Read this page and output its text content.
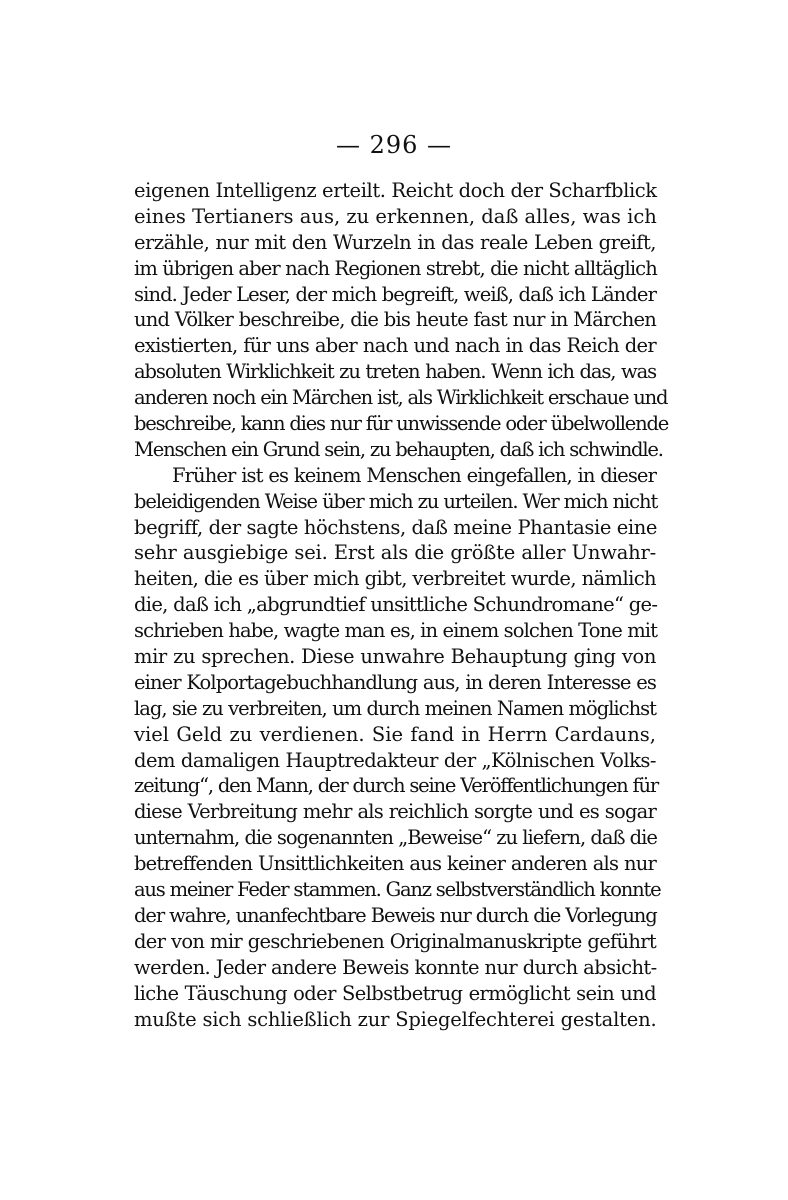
— 296 —
eigenen Intelligenz erteilt. Reicht doch der Scharfblick
eines Tertianers aus, zu erkennen, daß alles, was ich
erzähle, nur mit den Wurzeln in das reale Leben greift,
im übrigen aber nach Regionen strebt, die nicht alltäglich
sind. Jeder Leser, der mich begreift, weiß, daß ich Länder
und Völker beschreibe, die bis heute fast nur in Märchen
existierten, für uns aber nach und nach in das Reich der
absoluten Wirklichkeit zu treten haben. Wenn ich das, was
anderen noch ein Märchen ist, als Wirklichkeit erschaue und
beschreibe, kann dies nur für unwissende oder übelwollende
Menschen ein Grund sein, zu behaupten, daß ich schwindle.
Früher ist es keinem Menschen eingefallen, in dieser
beleidigenden Weise über mich zu urteilen. Wer mich nicht
begriff, der sagte höchstens, daß meine Phantasie eine
sehr ausgiebige sei. Erst als die größte aller Unwahr-
heiten, die es über mich gibt, verbreitet wurde, nämlich
die, daß ich „abgrundtief unsittliche Schundromane“ ge-
schrieben habe, wagte man es, in einem solchen Tone mit
mir zu sprechen. Diese unwahre Behauptung ging von
einer Kolportagebuchhandlung aus, in deren Interesse es
lag, sie zu verbreiten, um durch meinen Namen möglichst
viel Geld zu verdienen. Sie fand in Herrn Cardauns,
dem damaligen Hauptredakteur der „Kölnischen Volks-
zeitung“, den Mann, der durch seine Veröffentlichungen für
diese Verbreitung mehr als reichlich sorgte und es sogar
unternahm, die sogenannten „Beweise“ zu liefern, daß die
betreffenden Unsittlichkeiten aus keiner anderen als nur
aus meiner Feder stammen. Ganz selbstverständlich konnte
der wahre, unanfechtbare Beweis nur durch die Vorlegung
der von mir geschriebenen Originalmanuskripte geführt
werden. Jeder andere Beweis konnte nur durch absicht-
liche Täuschung oder Selbstbetrug ermöglicht sein und
mußte sich schließlich zur Spiegelfechterei gestalten.
